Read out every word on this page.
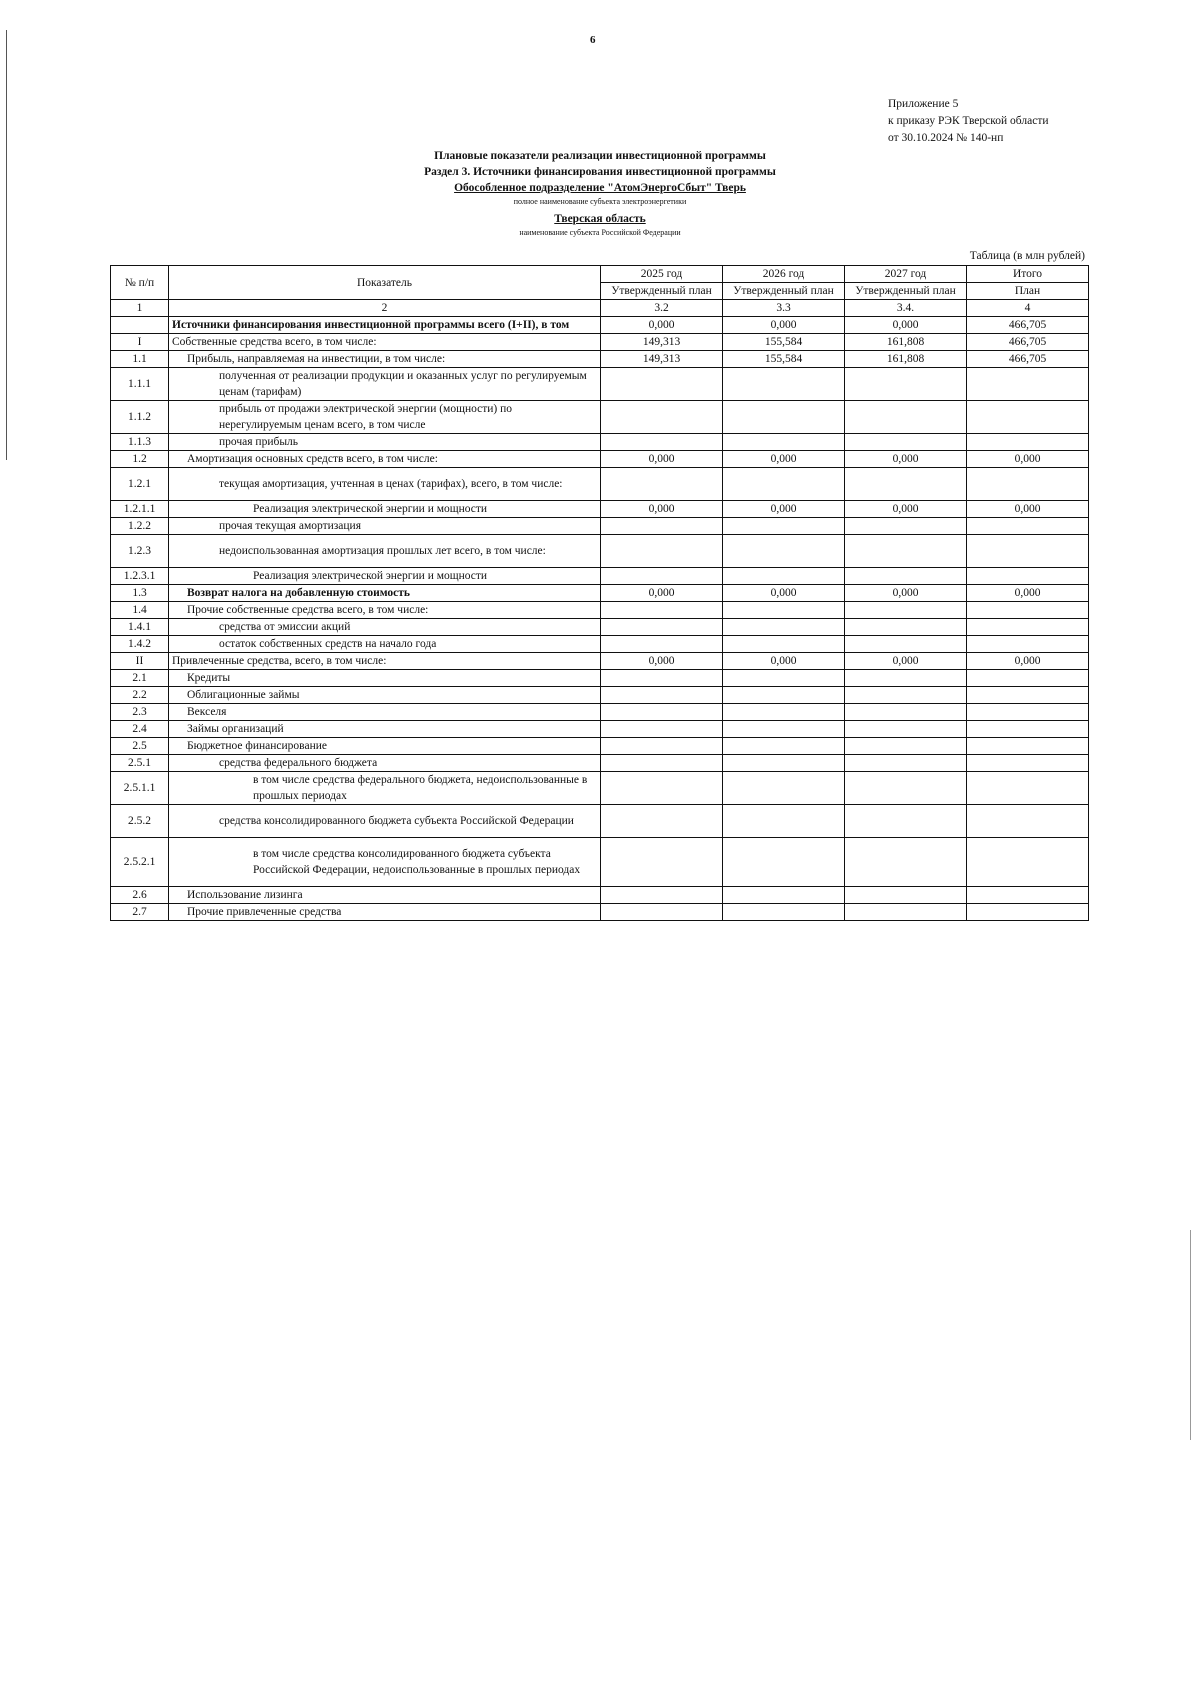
6
Приложение 5
к приказу РЭК Тверской области
от 30.10.2024 № 140-нп
Плановые показатели реализации инвестиционной программы
Раздел 3. Источники финансирования инвестиционной программы
Обособленное подразделение "АтомЭнергоСбыт" Тверь
полное наименование субъекта электроэнергетики
Тверская область
наименование субъекта Российской Федерации
Таблица (в млн рублей)
№ п/п	Показатель	2025 год	2026 год	2027 год	Итого
		Утвержденный план	Утвержденный план	Утвержденный план	План
1	2	3.2	3.3	3.4.	4
	Источники финансирования инвестиционной программы всего (I+II), в том	0,000	0,000	0,000	466,705
I	Собственные средства всего, в том числе:	149,313	155,584	161,808	466,705
1.1	Прибыль, направляемая на инвестиции, в том числе:	149,313	155,584	161,808	466,705
1.1.1	полученная от реализации продукции и оказанных услуг по регулируемым ценам (тарифам)				
1.1.2	прибыль от продажи электрической энергии (мощности) по нерегулируемым ценам всего, в том числе				
1.1.3	прочая прибыль				
1.2	Амортизация основных средств всего, в том числе:	0,000	0,000	0,000	0,000
1.2.1	текущая амортизация, учтенная в ценах (тарифах), всего, в том числе:				
1.2.1.1	Реализация электрической энергии и мощности	0,000	0,000	0,000	0,000
1.2.2	прочая текущая амортизация				
1.2.3	недоиспользованная амортизация прошлых лет всего, в том числе:				
1.2.3.1	Реализация электрической энергии и мощности				
1.3	Возврат налога на добавленную стоимость	0,000	0,000	0,000	0,000
1.4	Прочие собственные средства всего, в том числе:				
1.4.1	средства от эмиссии акций				
1.4.2	остаток собственных средств на начало года				
II	Привлеченные средства, всего, в том числе:	0,000	0,000	0,000	0,000
2.1	Кредиты				
2.2	Облигационные займы				
2.3	Векселя				
2.4	Займы организаций				
2.5	Бюджетное финансирование				
2.5.1	средства федерального бюджета				
2.5.1.1	в том числе средства федерального бюджета, недоиспользованные в прошлых периодах				
2.5.2	средства консолидированного бюджета субъекта Российской Федерации				
2.5.2.1	в том числе средства консолидированного бюджета субъекта Российской Федерации, недоиспользованные в прошлых периодах				
2.6	Использование лизинга				
2.7	Прочие привлеченные средства				
